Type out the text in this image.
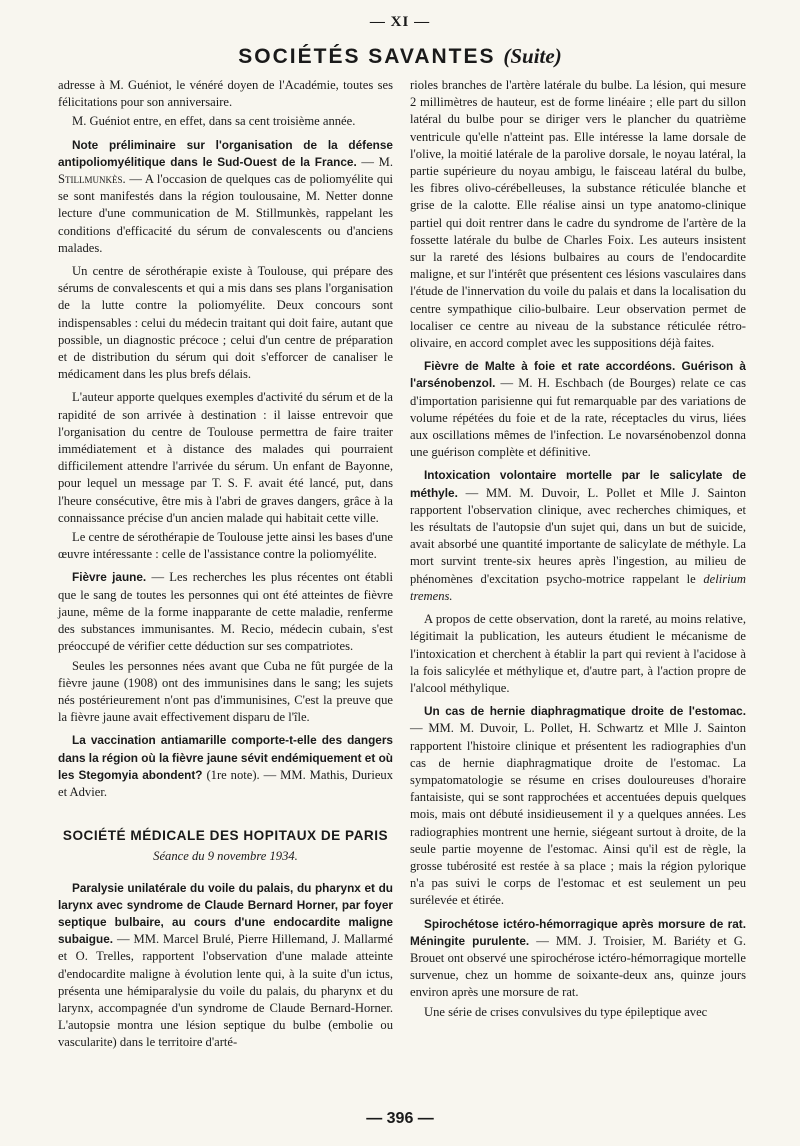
— XI —
SOCIÉTÉS SAVANTES (Suite)

adresse à M. Guéniot, le vénéré doyen de l'Académie, toutes ses félicitations pour son anniversaire.

M. Guéniot entre, en effet, dans sa cent troisième année.

Note préliminaire sur l'organisation de la défense antipoliomyélitique dans le Sud-Ouest de la France. — M. Stillmunkès. — A l'occasion de quelques cas de poliomyélite qui se sont manifestés dans la région toulousaine, M. Netter donne lecture d'une communication de M. Stillmunkès, rappelant les conditions d'efficacité du sérum de convalescents ou d'anciens malades.

Un centre de sérothérapie existe à Toulouse, qui prépare des sérums de convalescents et qui a mis dans ses plans l'organisation de la lutte contre la poliomyélite. Deux concours sont indispensables : celui du médecin traitant qui doit faire, autant que possible, un diagnostic précoce ; celui d'un centre de préparation et de distribution du sérum qui doit s'efforcer de canaliser le médicament dans les plus brefs délais.

L'auteur apporte quelques exemples d'activité du sérum et de la rapidité de son arrivée à destination : il laisse entrevoir que l'organisation du centre de Toulouse permettra de faire traiter immédiatement et à distance des malades qui pourraient difficilement attendre l'arrivée du sérum. Un enfant de Bayonne, pour lequel un message par T. S. F. avait été lancé, put, dans l'heure consécutive, être mis à l'abri de graves dangers, grâce à la connaissance précise d'un ancien malade qui habitait cette ville.

Le centre de sérothérapie de Toulouse jette ainsi les bases d'une œuvre intéressante : celle de l'assistance contre la poliomyélite.

Fièvre jaune. — Les recherches les plus récentes ont établi que le sang de toutes les personnes qui ont été atteintes de fièvre jaune, même de la forme inapparante de cette maladie, renferme des substances immunisantes. M. Recio, médecin cubain, s'est préoccupé de vérifier cette déduction sur ses compatriotes.

Seules les personnes nées avant que Cuba ne fût purgée de la fièvre jaune (1908) ont des immunisines dans le sang; les sujets nés postérieurement n'ont pas d'immunisines, C'est la preuve que la fièvre jaune avait effectivement disparu de l'île.

La vaccination antiamarille comporte-t-elle des dangers dans la région où la fièvre jaune sévit endémiquement et où les Stegomyia abondent? (1re note). — MM. Mathis, Durieux et Advier.

SOCIÉTÉ MÉDICALE DES HOPITAUX DE PARIS
Séance du 9 novembre 1934.

Paralysie unilatérale du voile du palais, du pharynx et du larynx avec syndrome de Claude Bernard Horner, par foyer septique bulbaire, au cours d'une endocardite maligne subaigue. — MM. Marcel Brulé, Pierre Hillemand, J. Mallarmé et O. Trelles, rapportent l'observation d'une malade atteinte d'endocardite maligne à évolution lente qui, à la suite d'un ictus, présenta une hémiparalysie du voile du palais, du pharynx et du larynx, accompagnée d'un syndrome de Claude Bernard-Horner. L'autopsie montra une lésion septique du bulbe (embolie ou vascularite) dans le territoire d'arté-

rioles branches de l'artère latérale du bulbe. La lésion, qui mesure 2 millimètres de hauteur, est de forme linéaire ; elle part du sillon latéral du bulbe pour se diriger vers le plancher du quatrième ventricule qu'elle n'atteint pas. Elle intéresse la lame dorsale de l'olive, la moitié latérale de la parolive dorsale, le noyau latéral, la partie supérieure du noyau ambigu, le faisceau latéral du bulbe, les fibres olivo-cérébelleuses, la substance réticulée blanche et grise de la calotte. Elle réalise ainsi un type anatomo-clinique partiel qui doit rentrer dans le cadre du syndrome de l'artère de la fossette latérale du bulbe de Charles Foix. Les auteurs insistent sur la rareté des lésions bulbaires au cours de l'endocardite maligne, et sur l'intérêt que présentent ces lésions vasculaires dans l'étude de l'innervation du voile du palais et dans la localisation du centre sympathique cilio-bulbaire. Leur observation permet de localiser ce centre au niveau de la substance réticulée rétro-olivaire, en accord complet avec les suppositions déjà faites.

Fièvre de Malte à foie et rate accordéons. Guérison à l'arsénobenzol. — M. H. Eschbach (de Bourges) relate ce cas d'importation parisienne qui fut remarquable par des variations de volume répétées du foie et de la rate, réceptacles du virus, liées aux oscillations mêmes de l'infection. Le novarsénobenzol donna une guérison complète et définitive.

Intoxication volontaire mortelle par le salicylate de méthyle. — MM. M. Duvoir, L. Pollet et Mlle J. Sainton rapportent l'observation clinique, avec recherches chimiques, et les résultats de l'autopsie d'un sujet qui, dans un but de suicide, avait absorbé une quantité importante de salicylate de méthyle. La mort survint trente-six heures après l'ingestion, au milieu de phénomènes d'excitation psycho-motrice rappelant le delirium tremens.

A propos de cette observation, dont la rareté, au moins relative, légitimait la publication, les auteurs étudient le mécanisme de l'intoxication et cherchent à établir la part qui revient à l'acidose à la fois salicylée et méthylique et, d'autre part, à l'action propre de l'alcool méthylique.

Un cas de hernie diaphragmatique droite de l'estomac. — MM. M. Duvoir, L. Pollet, H. Schwartz et Mlle J. Sainton rapportent l'histoire clinique et présentent les radiographies d'un cas de hernie diaphragmatique droite de l'estomac. La sympatomatologie se résume en crises douloureuses d'horaire fantaisiste, qui se sont rapprochées et accentuées depuis quelques mois, mais ont débuté insidieusement il y a quelques années. Les radiographies montrent une hernie, siégeant surtout à droite, de la seule partie moyenne de l'estomac. Ainsi qu'il est de règle, la grosse tubérosité est restée à sa place ; mais la région pylorique n'a pas suivi le corps de l'estomac et est seulement un peu surélevée et étirée.

Spirochétose ictéro-hémorragique après morsure de rat. Méningite purulente. — MM. J. Troisier, M. Bariéty et G. Brouet ont observé une spirochérose ictéro-hémorragique mortelle survenue, chez un homme de soixante-deux ans, quinze jours environ après une morsure de rat.

Une série de crises convulsives du type épileptique avec

— 396 —
